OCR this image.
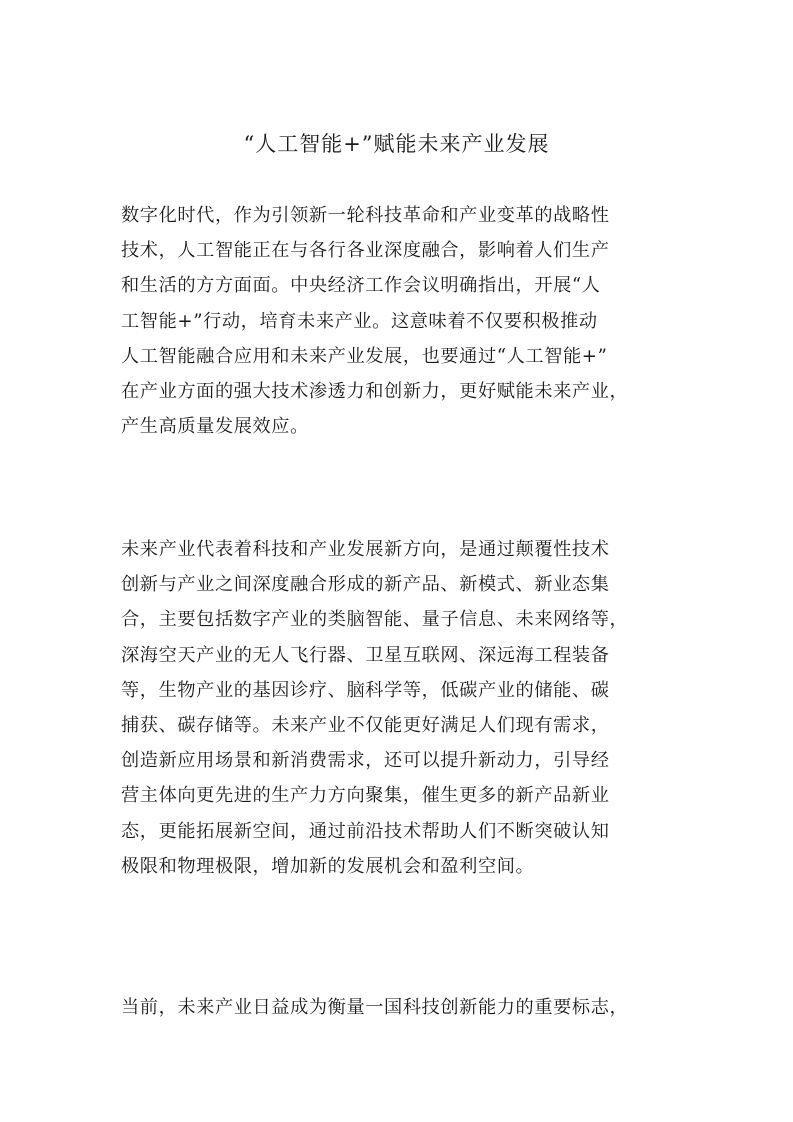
“人工智能+”赋能未来产业发展
数字化时代，作为引领新一轮科技革命和产业变革的战略性
技术，人工智能正在与各行各业深度融合，影响着人们生产
和生活的方方面面。中央经济工作会议明确指出，开展“人
工智能+”行动，培育未来产业。这意味着不仅要积极推动
人工智能融合应用和未来产业发展，也要通过“人工智能+”
在产业方面的强大技术渗透力和创新力，更好赋能未来产业，
产生高质量发展效应。
未来产业代表着科技和产业发展新方向，是通过颠覆性技术
创新与产业之间深度融合形成的新产品、新模式、新业态集
合，主要包括数字产业的类脑智能、量子信息、未来网络等，
深海空天产业的无人飞行器、卫星互联网、深远海工程装备
等，生物产业的基因诊疗、脑科学等，低碳产业的储能、碳
捕获、碳存储等。未来产业不仅能更好满足人们现有需求，
创造新应用场景和新消费需求，还可以提升新动力，引导经
营主体向更先进的生产力方向聚集，催生更多的新产品新业
态，更能拓展新空间，通过前沿技术帮助人们不断突破认知
极限和物理极限，增加新的发展机会和盈利空间。
当前，未来产业日益成为衡量一国科技创新能力的重要标志，
